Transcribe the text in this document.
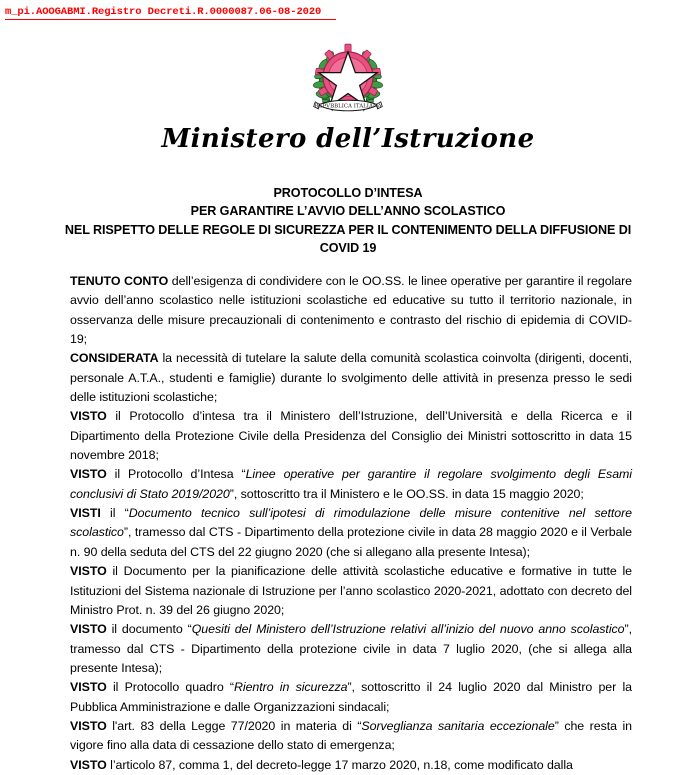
m_pi.AOOGABMI.Registro Decreti.R.0000087.06-08-2020
REPVBBLICA ITALIANA
Ministero dell’Istruzione
PROTOCOLLO D’INTESA
PER GARANTIRE L’AVVIO DELL’ANNO SCOLASTICO
NEL RISPETTO DELLE REGOLE DI SICUREZZA PER IL CONTENIMENTO DELLA DIFFUSIONE DI
COVID 19

TENUTO CONTO dell’esigenza di condividere con le OO.SS. le linee operative per garantire il regolare avvio dell’anno scolastico nelle istituzioni scolastiche ed educative su tutto il territorio nazionale, in osservanza delle misure precauzionali di contenimento e contrasto del rischio di epidemia di COVID-19;

CONSIDERATA la necessità di tutelare la salute della comunità scolastica coinvolta (dirigenti, docenti, personale A.T.A., studenti e famiglie) durante lo svolgimento delle attività in presenza presso le sedi delle istituzioni scolastiche;

VISTO il Protocollo d’intesa tra il Ministero dell’Istruzione, dell’Università e della Ricerca e il Dipartimento della Protezione Civile della Presidenza del Consiglio dei Ministri sottoscritto in data 15 novembre 2018;

VISTO il Protocollo d’Intesa “Linee operative per garantire il regolare svolgimento degli Esami conclusivi di Stato 2019/2020”, sottoscritto tra il Ministero e le OO.SS. in data 15 maggio 2020;

VISTI il “Documento tecnico sull’ipotesi di rimodulazione delle misure contenitive nel settore scolastico”, tramesso dal CTS - Dipartimento della protezione civile in data 28 maggio 2020 e il Verbale n. 90 della seduta del CTS del 22 giugno 2020 (che si allegano alla presente Intesa);

VISTO il Documento per la pianificazione delle attività scolastiche educative e formative in tutte le Istituzioni del Sistema nazionale di Istruzione per l’anno scolastico 2020-2021, adottato con decreto del Ministro Prot. n. 39 del 26 giugno 2020;

VISTO il documento “Quesiti del Ministero dell’Istruzione relativi all’inizio del nuovo anno scolastico”, tramesso dal CTS - Dipartimento della protezione civile in data 7 luglio 2020, (che si allega alla presente Intesa);

VISTO il Protocollo quadro “Rientro in sicurezza”, sottoscritto il 24 luglio 2020 dal Ministro per la Pubblica Amministrazione e dalle Organizzazioni sindacali;

VISTO l'art. 83 della Legge 77/2020 in materia di “Sorveglianza sanitaria eccezionale” che resta in vigore fino alla data di cessazione dello stato di emergenza;

VISTO l’articolo 87, comma 1, del decreto-legge 17 marzo 2020, n.18, come modificato dalla
